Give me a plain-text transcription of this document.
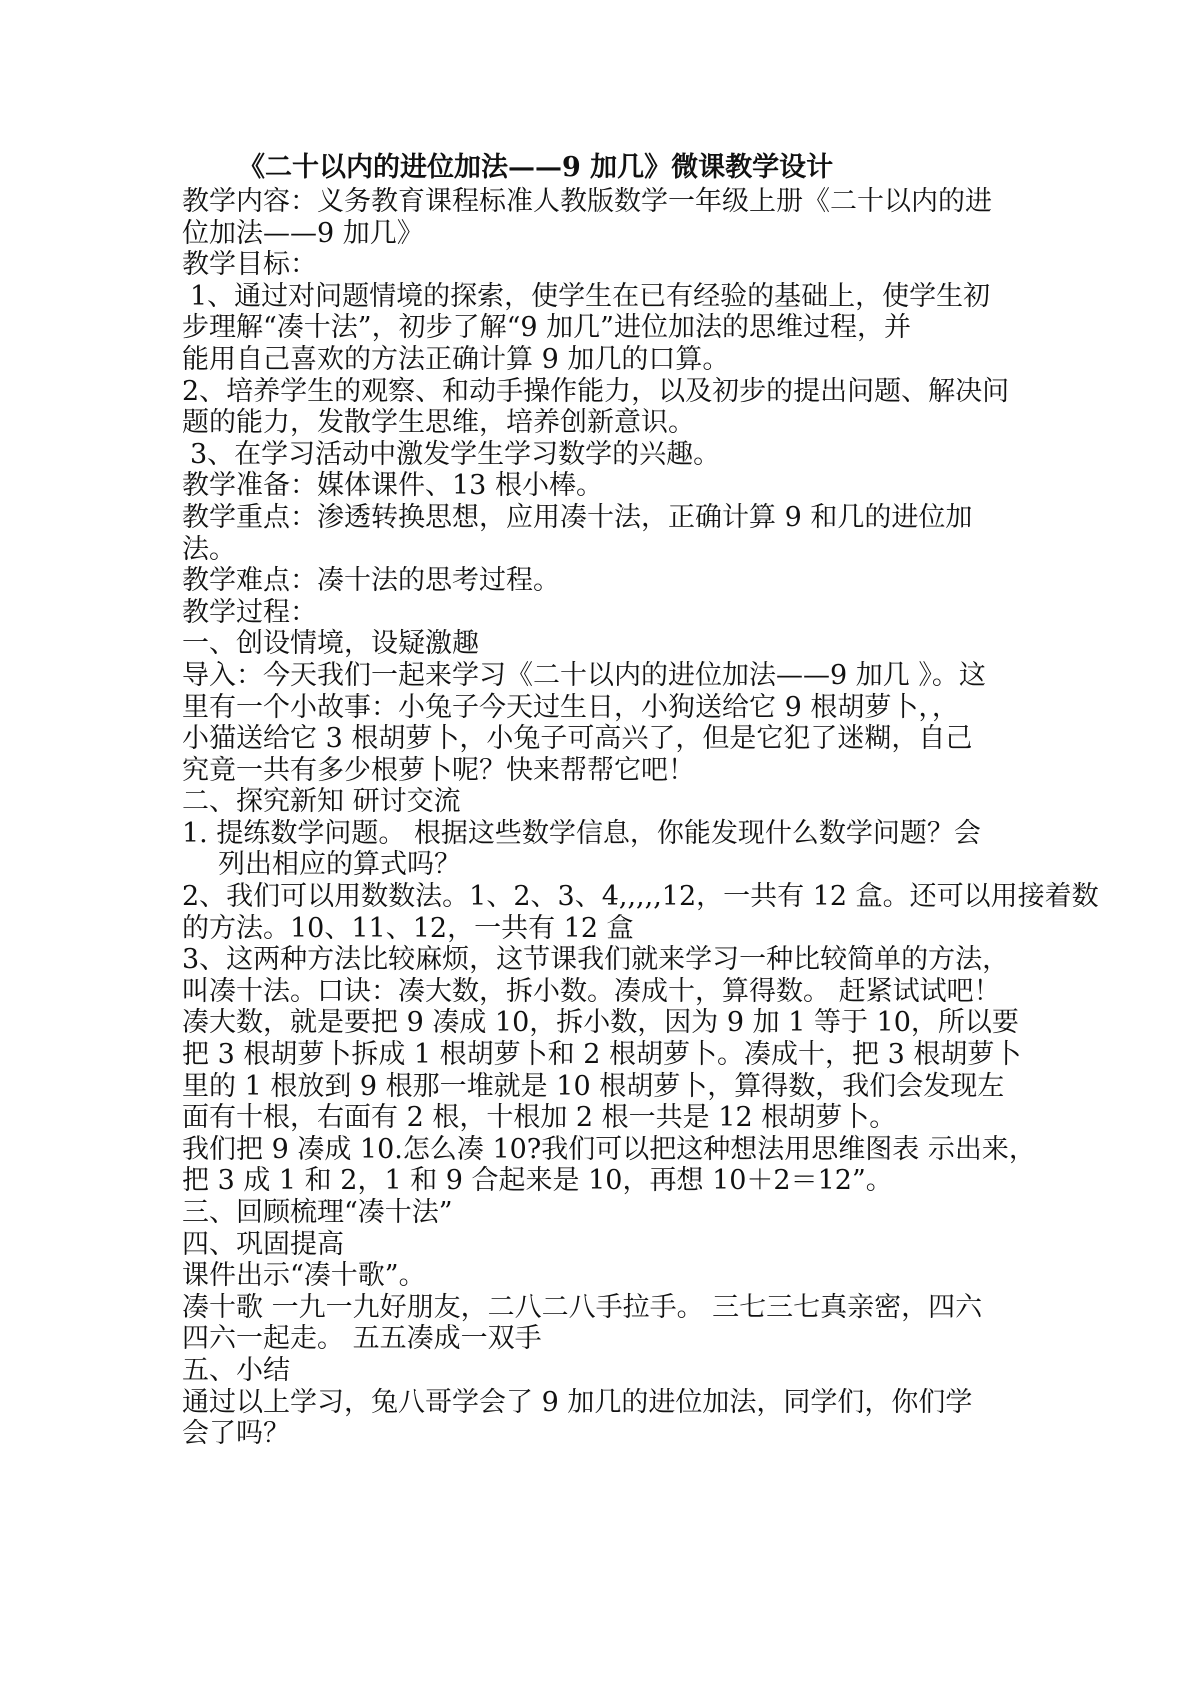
《二十以内的进位加法——9 加几》微课教学设计
教学内容：义务教育课程标准人教版数学一年级上册《二十以内的进
位加法——9 加几》
教学目标：
1、通过对问题情境的探索，使学生在已有经验的基础上，使学生初
步理解“凑十法”，初步了解“9 加几”进位加法的思维过程，并
能用自己喜欢的方法正确计算 9 加几的口算。
2、培养学生的观察、和动手操作能力，以及初步的提出问题、解决问
题的能力，发散学生思维，培养创新意识。
3、在学习活动中激发学生学习数学的兴趣。
教学准备：媒体课件、13 根小棒。
教学重点：渗透转换思想，应用凑十法，正确计算 9 和几的进位加
法。
教学难点：凑十法的思考过程。
教学过程：
一、创设情境，设疑激趣
导入：今天我们一起来学习《二十以内的进位加法——9 加几 》。这
里有一个小故事：小兔子今天过生日，小狗送给它 9 根胡萝卜，，
小猫送给它 3 根胡萝卜，小兔子可高兴了，但是它犯了迷糊，自己
究竟一共有多少根萝卜呢？快来帮帮它吧！
二、探究新知 研讨交流
1. 提练数学问题。 根据这些数学信息，你能发现什么数学问题？会
列出相应的算式吗？
2、我们可以用数数法。1、2、3、4,,,,,12，一共有 12 盒。还可以用接着数
的方法。10、11、12，一共有 12 盒
3、这两种方法比较麻烦，这节课我们就来学习一种比较简单的方法，
叫凑十法。口诀：凑大数，拆小数。凑成十，算得数。 赶紧试试吧！
凑大数，就是要把 9 凑成 10，拆小数，因为 9 加 1 等于 10，所以要
把 3 根胡萝卜拆成 1 根胡萝卜和 2 根胡萝卜。凑成十，把 3 根胡萝卜
里的 1 根放到 9 根那一堆就是 10 根胡萝卜，算得数，我们会发现左
面有十根，右面有 2 根，十根加 2 根一共是 12 根胡萝卜。
我们把 9 凑成 10.怎么凑 10?我们可以把这种想法用思维图表 示出来，
把 3 成 1 和 2，1 和 9 合起来是 10，再想 10＋2＝12”。
三、回顾梳理“凑十法”
四、巩固提高
课件出示“凑十歌”。
凑十歌 一九一九好朋友，二八二八手拉手。 三七三七真亲密，四六
四六一起走。 五五凑成一双手
五、小结
通过以上学习，兔八哥学会了 9 加几的进位加法，同学们，你们学
会了吗？
